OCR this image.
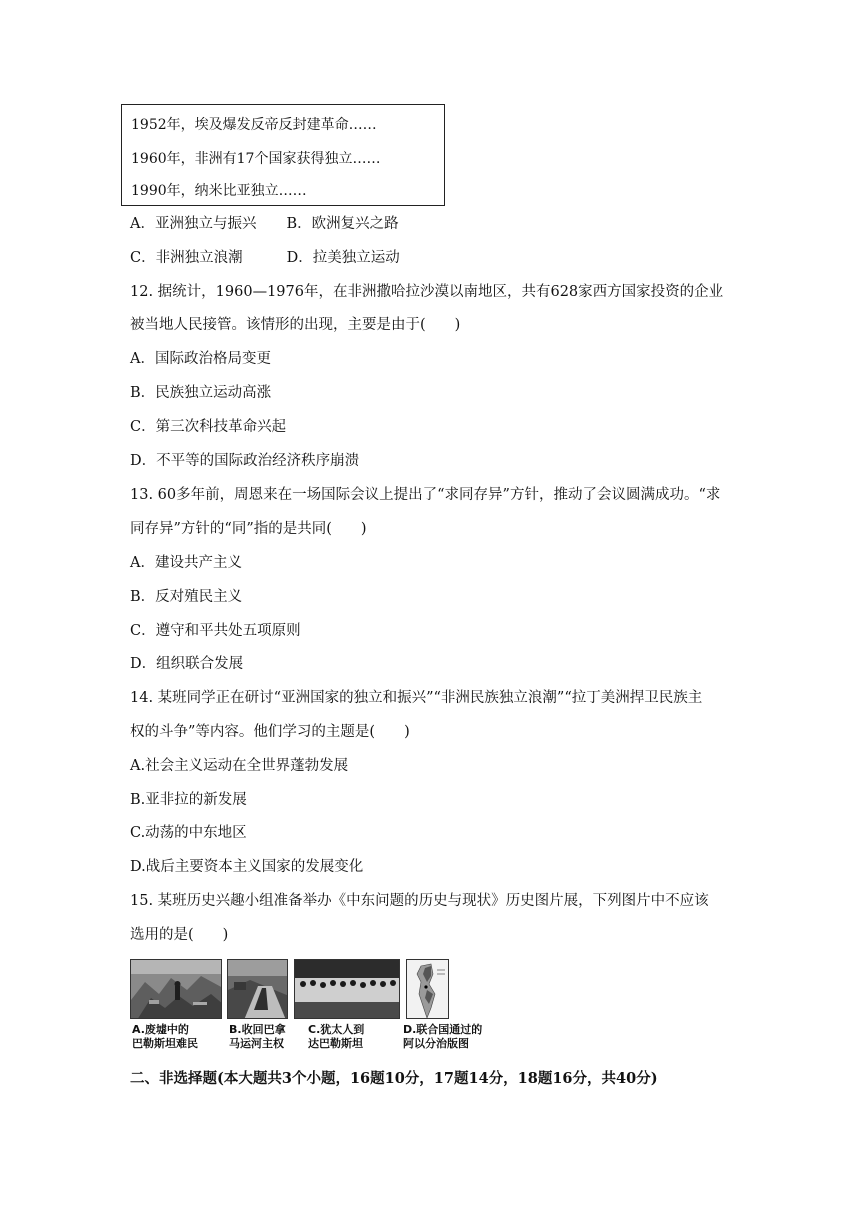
1952年，埃及爆发反帝反封建革命……
1960年，非洲有17个国家获得独立……
1990年，纳米比亚独立……
A．亚洲独立与振兴 B．欧洲复兴之路
C．非洲独立浪潮	D．拉美独立运动
12. 据统计，1960—1976年，在非洲撒哈拉沙漠以南地区，共有628家西方国家投资的企业
被当地人民接管。该情形的出现，主要是由于(　　)
A．国际政治格局变更
B．民族独立运动高涨
C．第三次科技革命兴起
D．不平等的国际政治经济秩序崩溃
13. 60多年前，周恩来在一场国际会议上提出了“求同存异”方针，推动了会议圆满成功。“求
同存异”方针的“同”指的是共同(　　)
A．建设共产主义
B．反对殖民主义
C．遵守和平共处五项原则
D．组织联合发展
14. 某班同学正在研讨“亚洲国家的独立和振兴”“非洲民族独立浪潮”“拉丁美洲捍卫民族主
权的斗争”等内容。他们学习的主题是(　　)
A.社会主义运动在全世界蓬勃发展
B.亚非拉的新发展
C.动荡的中东地区
D.战后主要资本主义国家的发展变化
15. 某班历史兴趣小组准备举办《中东问题的历史与现状》历史图片展，下列图片中不应该
选用的是(　　)
A.废墟中的
巴勒斯坦难民
B.收回巴拿
马运河主权
C.犹太人到
达巴勒斯坦
D.联合国通过的
阿以分治版图
二、非选择题(本大题共3个小题，16题10分，17题14分，18题16分，共40分)
